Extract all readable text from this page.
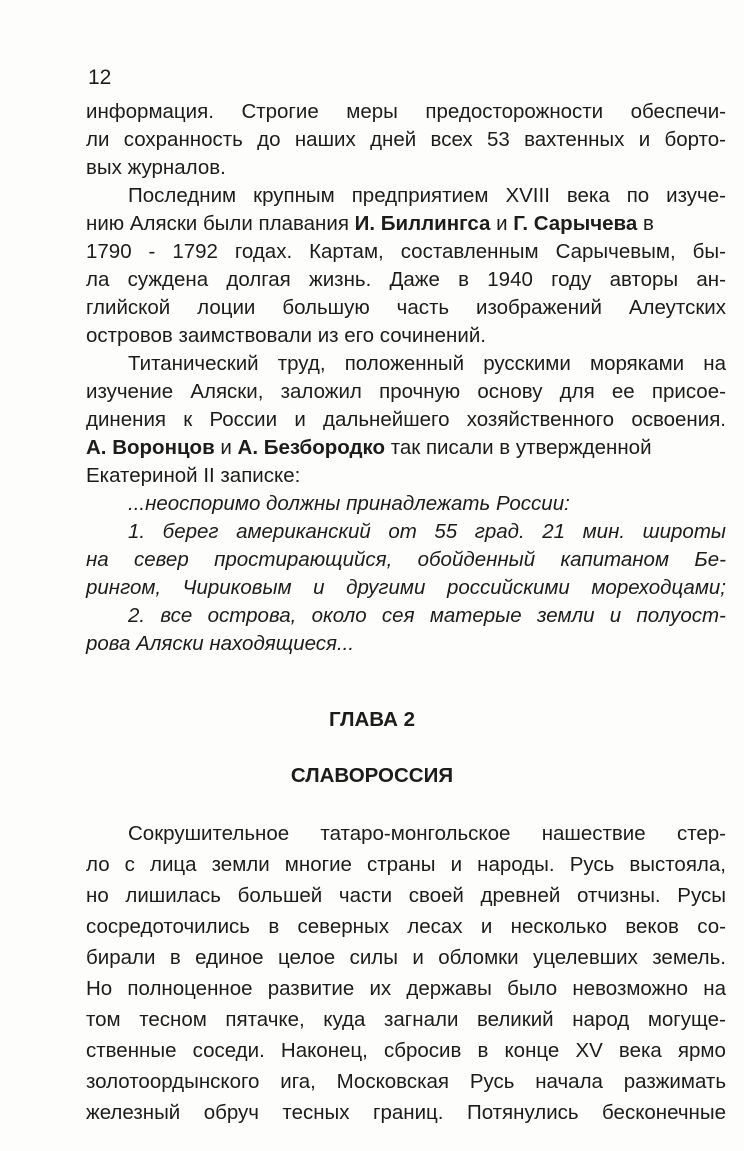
12
информация. Строгие меры предосторожности обеспечи-
ли сохранность до наших дней всех 53 вахтенных и борто-
вых журналов.
Последним крупным предприятием XVIII века по изуче-
нию Аляски были плавания И. Биллингса и Г. Сарычева в
1790 - 1792 годах. Картам, составленным Сарычевым, бы-
ла суждена долгая жизнь. Даже в 1940 году авторы ан-
глийской лоции большую часть изображений Алеутских
островов заимствовали из его сочинений.
Титанический труд, положенный русскими моряками на
изучение Аляски, заложил прочную основу для ее присое-
динения к России и дальнейшего хозяйственного освоения.
А. Воронцов и А. Безбородко так писали в утвержденной
Екатериной II записке:
...неоспоримо должны принадлежать России:
1. берег американский от 55 град. 21 мин. широты
на север простирающийся, обойденный капитаном Бе-
рингом, Чириковым и другими российскими мореходцами;
2. все острова, около сея матерые земли и полуост-
рова Аляски находящиеся...
ГЛАВА 2
СЛАВОРОССИЯ
Сокрушительное татаро-монгольское нашествие стер-
ло с лица земли многие страны и народы. Русь выстояла,
но лишилась большей части своей древней отчизны. Русы
сосредоточились в северных лесах и несколько веков со-
бирали в единое целое силы и обломки уцелевших земель.
Но полноценное развитие их державы было невозможно на
том тесном пятачке, куда загнали великий народ могуще-
ственные соседи. Наконец, сбросив в конце XV века ярмо
золотоордынского ига, Московская Русь начала разжимать
железный обруч тесных границ. Потянулись бесконечные
